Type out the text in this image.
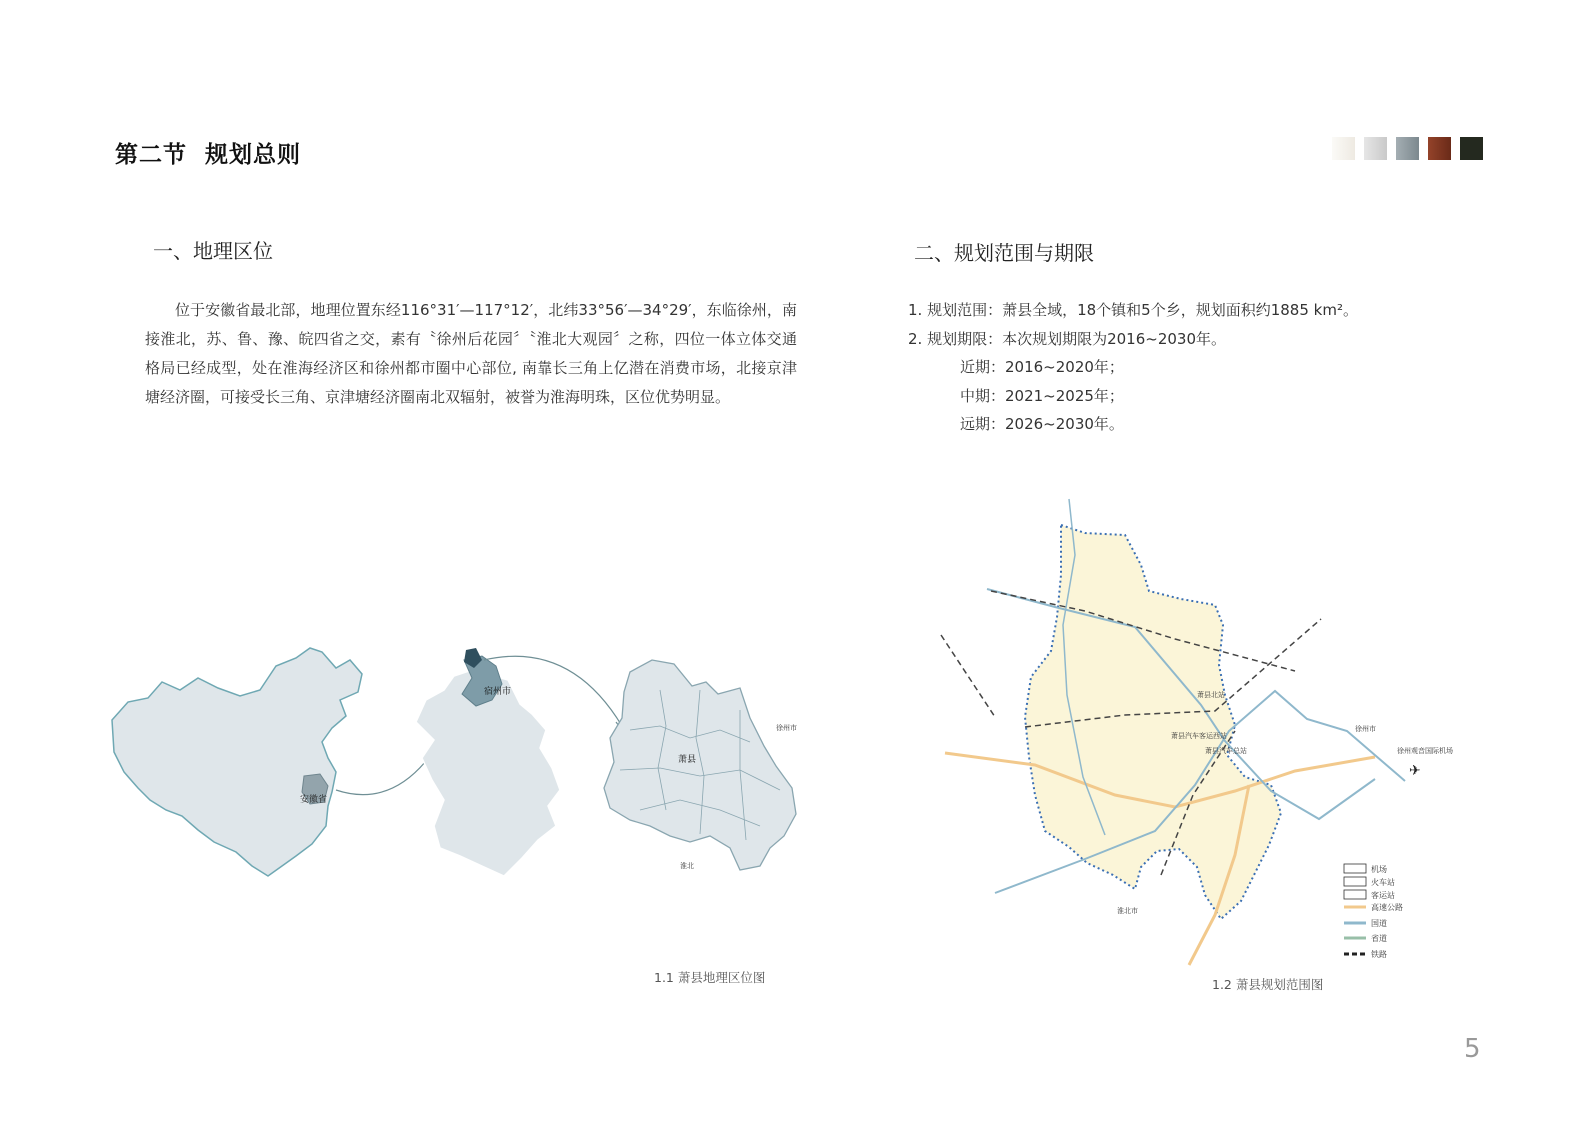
第二节  规划总则
一、地理区位	二、规划范围与期限

位于安徽省最北部，地理位置东经116°31′—117°12′，北纬33°56′—34°29′，东临徐州，南接淮北，苏、鲁、豫、皖四省之交，素有〝徐州后花园〞〝淮北大观园〞之称，四位一体立体交通格局已经成型，处在淮海经济区和徐州都市圈中心部位, 南靠长三角上亿潜在消费市场，北接京津塘经济圈，可接受长三角、京津塘经济圈南北双辐射，被誉为淮海明珠，区位优势明显。

1. 规划范围：萧县全域，18个镇和5个乡，规划面积约1885 km²。
2. 规划期限：本次规划期限为2016~2030年。
近期：2016~2020年；
中期：2021~2025年；
远期：2026~2030年。
安徽省
宿州市
萧县
徐州市
淮北
萧县北站
萧县汽车客运西站
萧县汽车总站
徐州市
徐州观音国际机场
淮北市
✈
机场
火车站
客运站
高速公路
国道
省道
铁路
1.1 萧县地理区位图	1.2 萧县规划范围图
5
